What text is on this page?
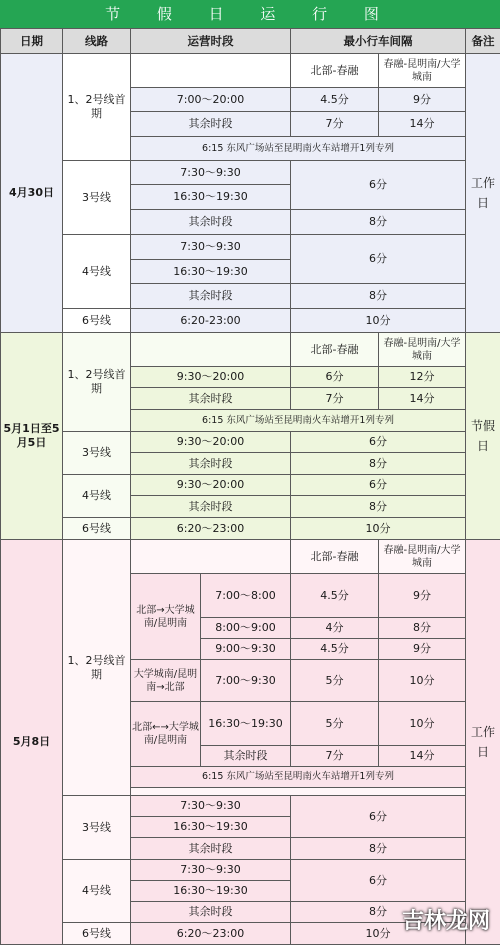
节 假 日 运 行 图
日期	线路	运营时段		最小行车间隔		备注
4月30日	1、2号线首期			北部-春融	春融-昆明南/大学城南	工作日
		7:00～20:00		4.5分	9分	
		其余时段		7分	14分	
		6:15 东风广场站至昆明南火车站增开1列专列				
	3号线	7:30～9:30		6分		
		16:30～19:30				
		其余时段		8分		
	4号线	7:30～9:30		6分		
		16:30～19:30				
		其余时段		8分		
	6号线	6:20-23:00		10分		
5月1日至5月5日	1、2号线首期			北部-春融	春融-昆明南/大学城南	节假日
		9:30～20:00		6分	12分	
		其余时段		7分	14分	
		6:15 东风广场站至昆明南火车站增开1列专列				
	3号线	9:30～20:00		6分		
		其余时段		8分		
	4号线	9:30～20:00		6分		
		其余时段		8分		
	6号线	6:20～23:00		10分		
5月8日	1、2号线首期			北部-春融	春融-昆明南/大学城南	工作日
		北部→大学城南/昆明南	7:00～8:00	4.5分	9分	
			8:00～9:00	4分	8分	
			9:00～9:30	4.5分	9分	
		大学城南/昆明南→北部	7:00～9:30	5分	10分	
		北部←→大学城南/昆明南	16:30～19:30	5分	10分	
			其余时段	7分	14分	
		6:15 东风广场站至昆明南火车站增开1列专列				

	3号线	7:30～9:30		6分		
		16:30～19:30				
		其余时段		8分		
	4号线	7:30～9:30		6分		
		16:30～19:30				
		其余时段		8分		
	6号线	6:20～23:00		10分		吉林龙网
